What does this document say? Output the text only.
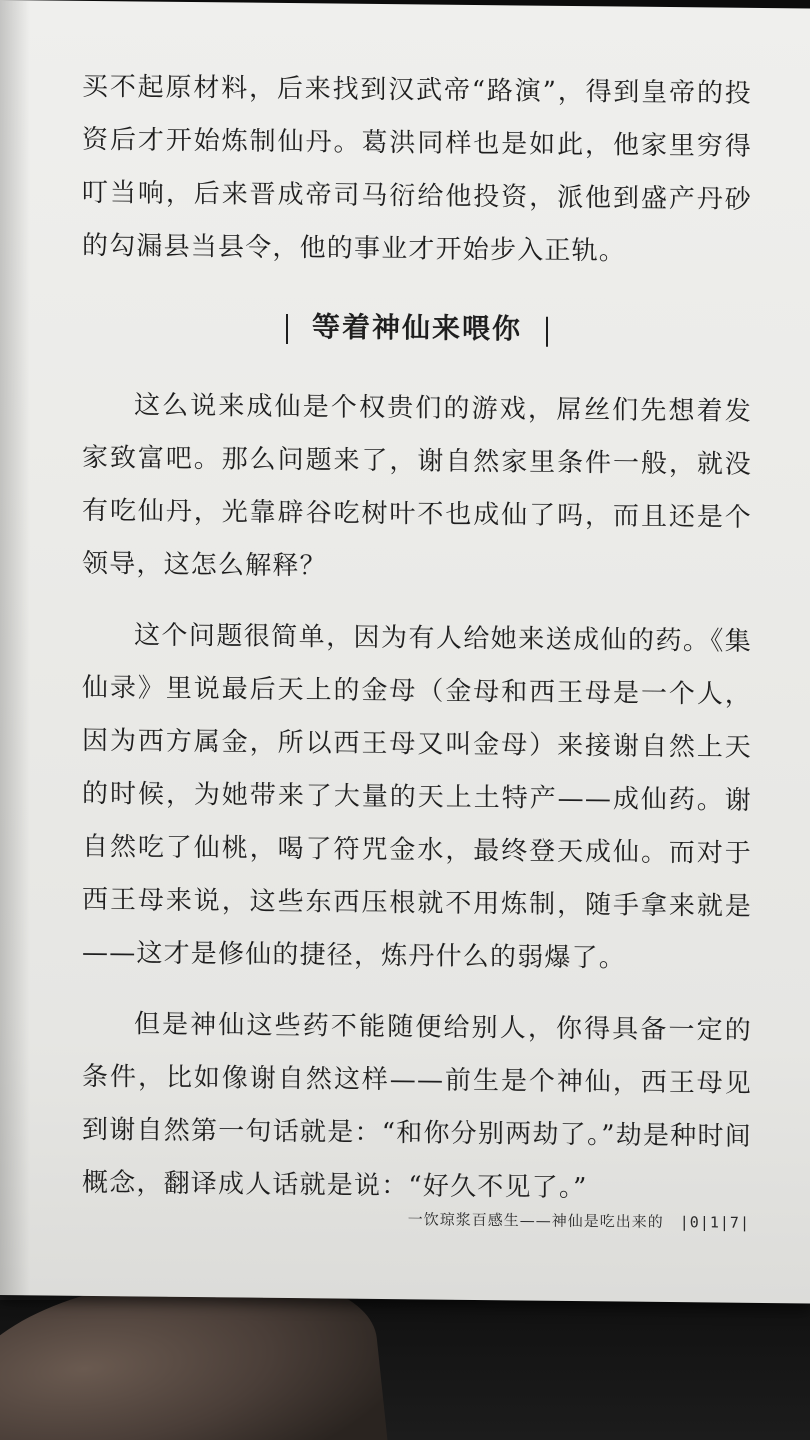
买不起原材料，后来找到汉武帝“路演”，得到皇帝的投资后才开始炼制仙丹。葛洪同样也是如此，他家里穷得叮当响，后来晋成帝司马衍给他投资，派他到盛产丹砂的勾漏县当县令，他的事业才开始步入正轨。

等着神仙来喂你

这么说来成仙是个权贵们的游戏，屌丝们先想着发家致富吧。那么问题来了，谢自然家里条件一般，就没有吃仙丹，光靠辟谷吃树叶不也成仙了吗，而且还是个领导，这怎么解释？

这个问题很简单，因为有人给她来送成仙的药。《集仙录》里说最后天上的金母（金母和西王母是一个人，因为西方属金，所以西王母又叫金母）来接谢自然上天的时候，为她带来了大量的天上土特产——成仙药。谢自然吃了仙桃，喝了符咒金水，最终登天成仙。而对于西王母来说，这些东西压根就不用炼制，随手拿来就是——这才是修仙的捷径，炼丹什么的弱爆了。

但是神仙这些药不能随便给别人，你得具备一定的条件，比如像谢自然这样——前生是个神仙，西王母见到谢自然第一句话就是：“和你分别两劫了。”劫是种时间概念，翻译成人话就是说：“好久不见了。”

一饮琼浆百感生——神仙是吃出来的 |0|1|7|
